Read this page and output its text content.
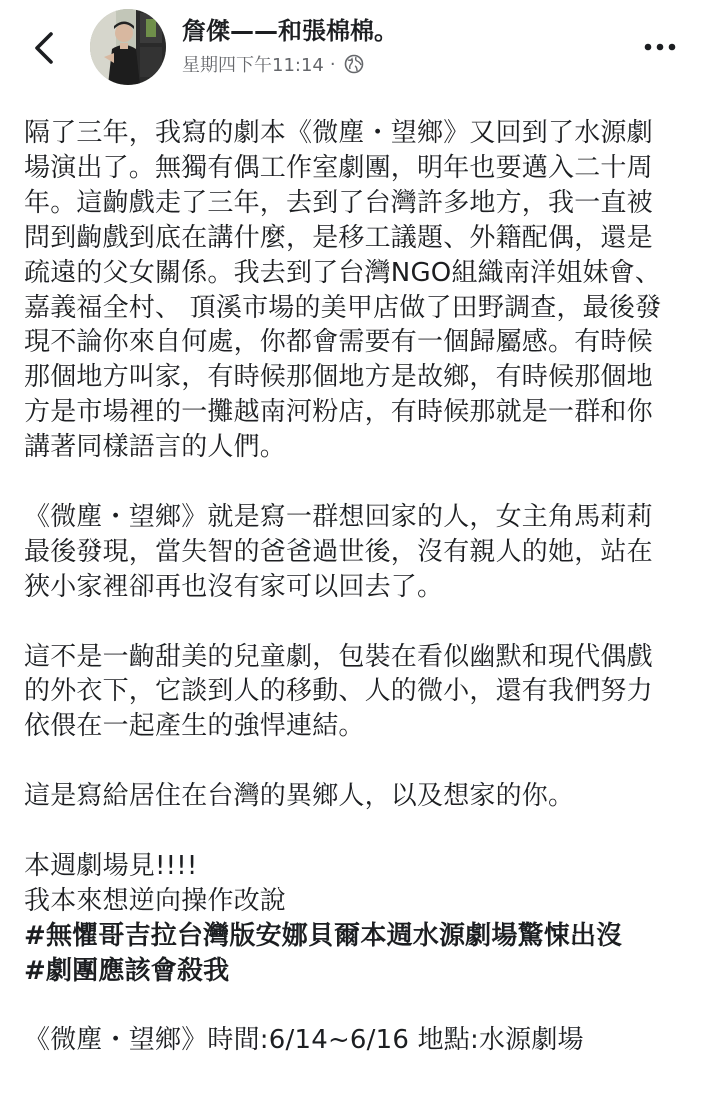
詹傑——和張棉棉。
星期四下午11:14 ·
隔了三年，我寫的劇本《微塵・望鄉》又回到了水源劇
場演出了。無獨有偶工作室劇團，明年也要邁入二十周
年。這齣戲走了三年，去到了台灣許多地方，我一直被
問到齣戲到底在講什麼，是移工議題、外籍配偶，還是
疏遠的父女關係。我去到了台灣NGO組織南洋姐妹會、
嘉義福全村、 頂溪市場的美甲店做了田野調查，最後發
現不論你來自何處，你都會需要有一個歸屬感。有時候
那個地方叫家，有時候那個地方是故鄉，有時候那個地
方是市場裡的一攤越南河粉店，有時候那就是一群和你
講著同樣語言的人們。
《微塵・望鄉》就是寫一群想回家的人，女主角馬莉莉
最後發現，當失智的爸爸過世後，沒有親人的她，站在
狹小家裡卻再也沒有家可以回去了。
這不是一齣甜美的兒童劇，包裝在看似幽默和現代偶戲
的外衣下，它談到人的移動、人的微小，還有我們努力
依偎在一起產生的強悍連結。
這是寫給居住在台灣的異鄉人，以及想家的你。
本週劇場見!!!!
我本來想逆向操作改說
#無懼哥吉拉台灣版安娜貝爾本週水源劇場驚悚出沒
#劇團應該會殺我
《微塵・望鄉》時間:6/14~6/16 地點:水源劇場
